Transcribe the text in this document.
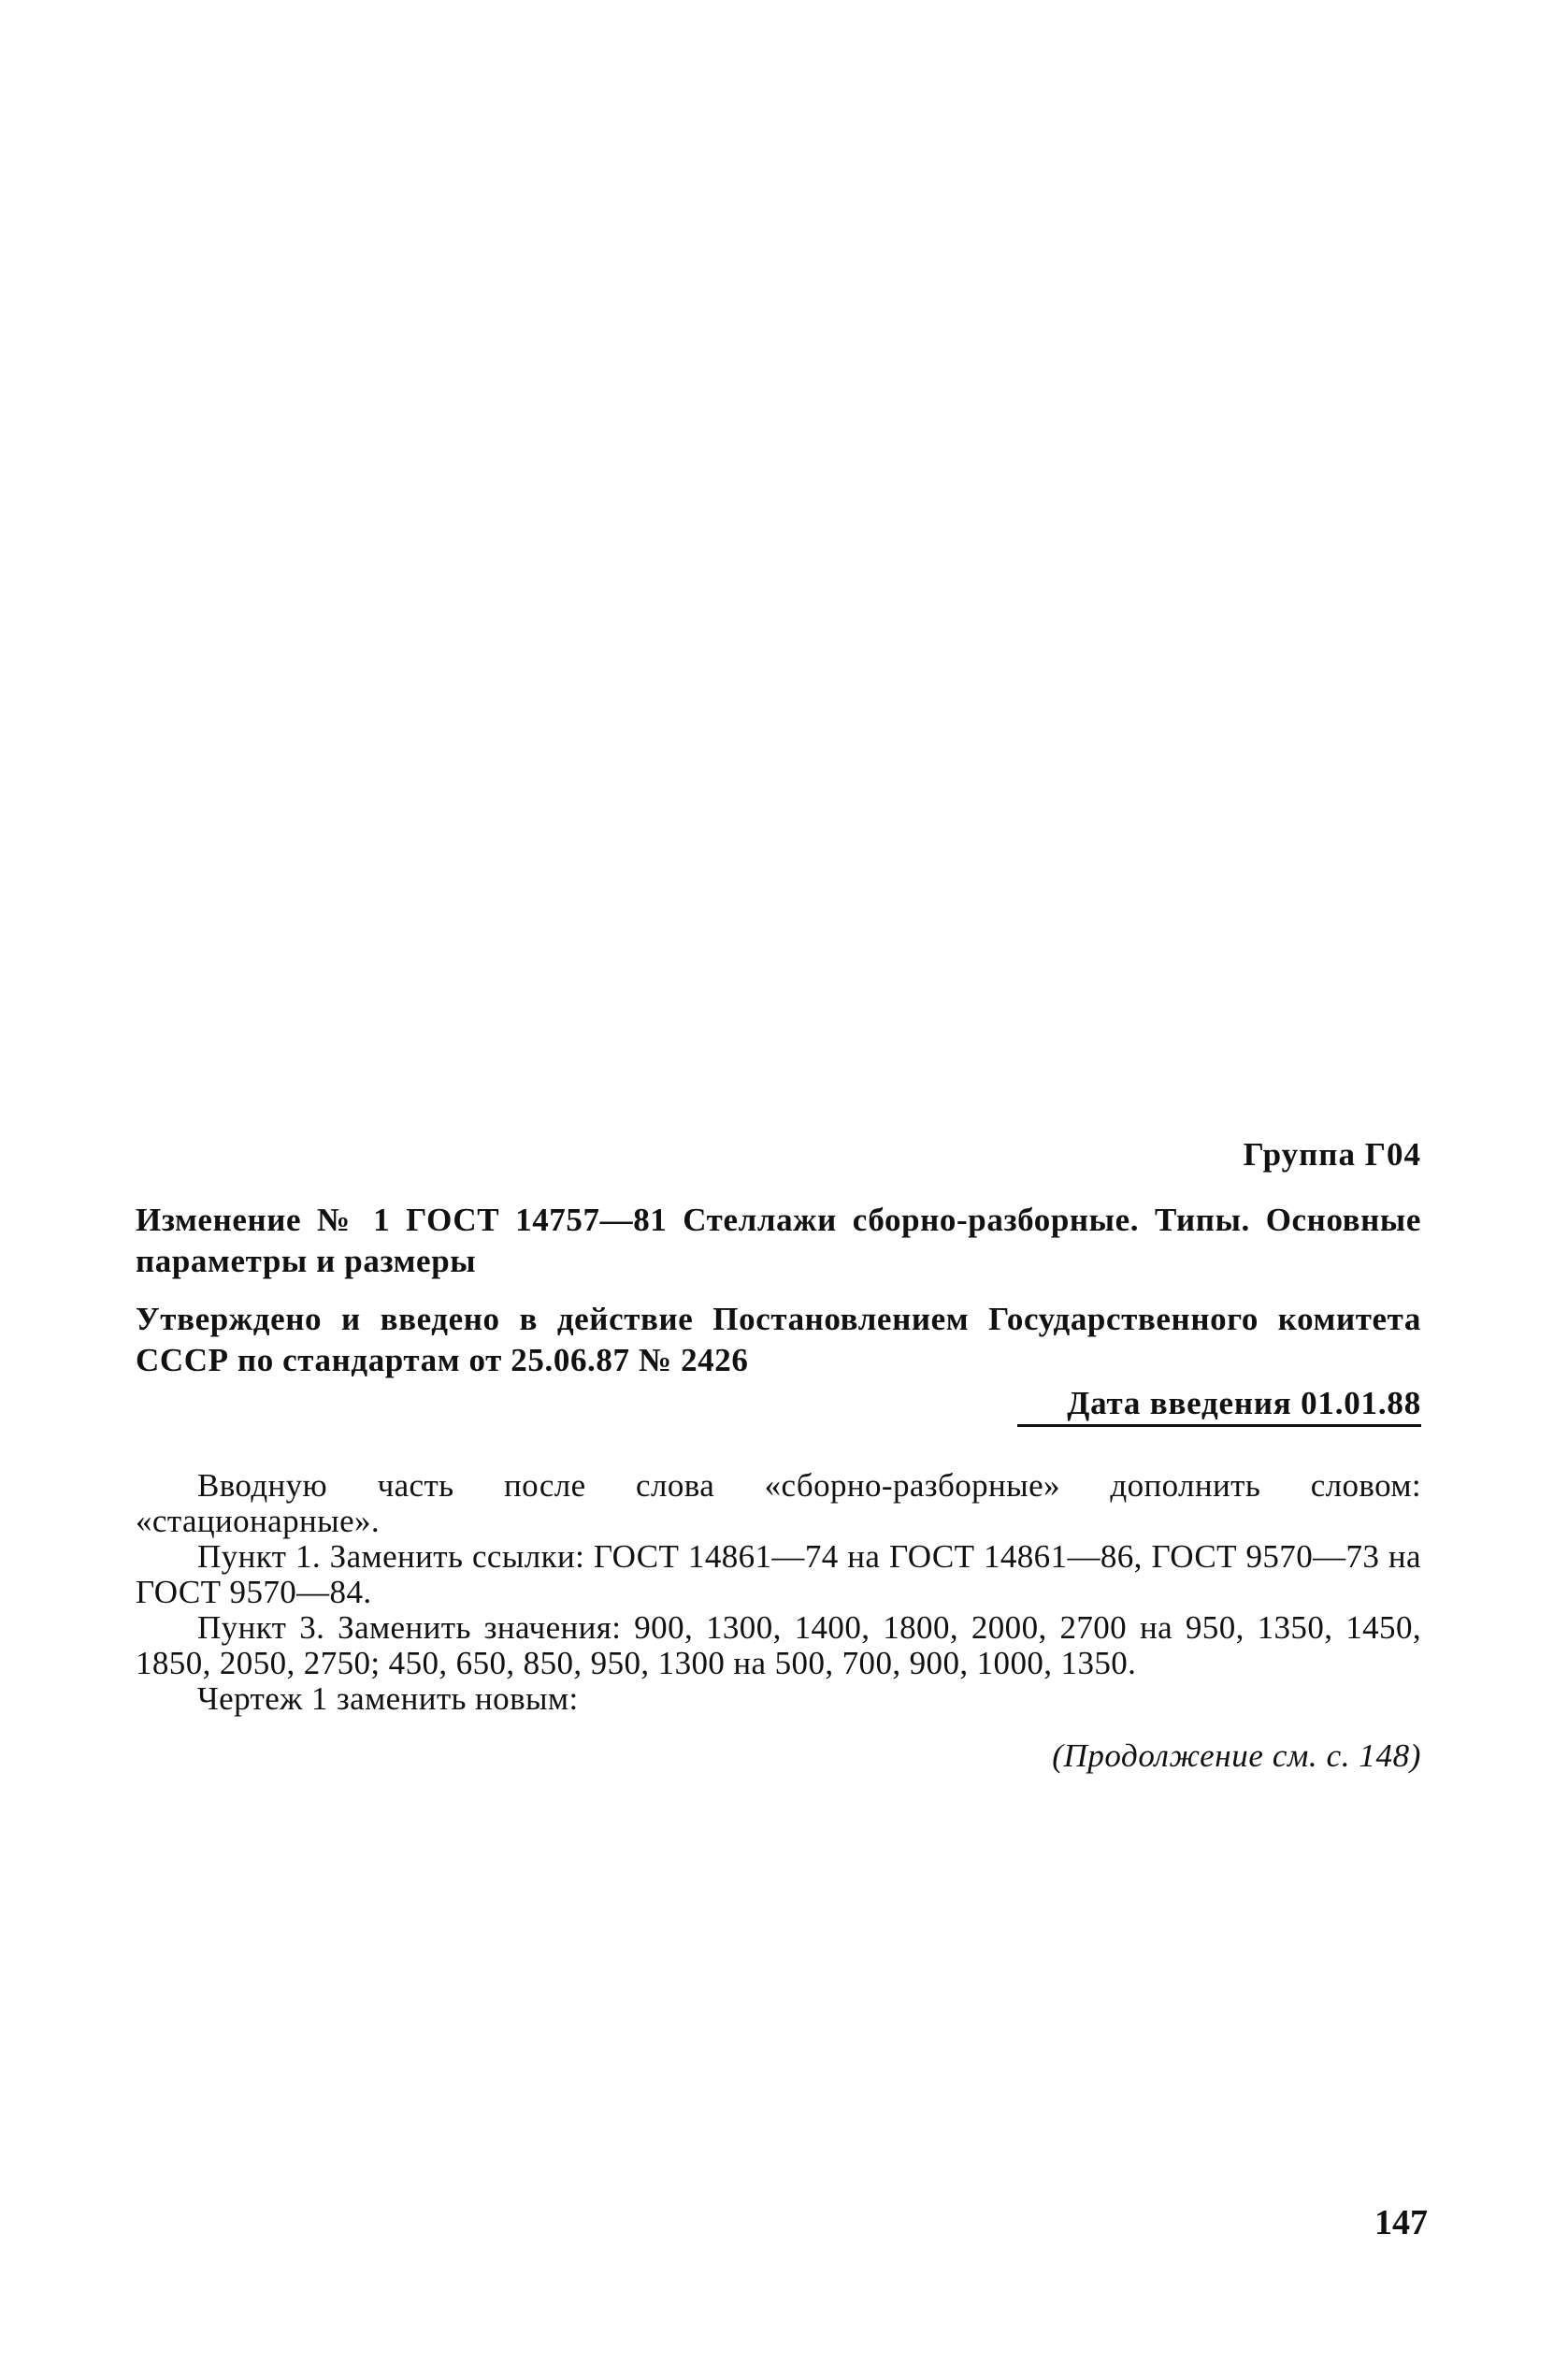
Группа Г04

Изменение № 1 ГОСТ 14757—81 Стеллажи сборно-разборные. Типы. Основные параметры и размеры

Утверждено и введено в действие Постановлением Государственного комитета СССР по стандартам от 25.06.87 № 2426

Дата введения 01.01.88

Вводную часть после слова «сборно-разборные» дополнить словом: «стационарные».

Пункт 1. Заменить ссылки: ГОСТ 14861—74 на ГОСТ 14861—86, ГОСТ 9570—73 на ГОСТ 9570—84.

Пункт 3. Заменить значения: 900, 1300, 1400, 1800, 2000, 2700 на 950, 1350, 1450, 1850, 2050, 2750; 450, 650, 850, 950, 1300 на 500, 700, 900, 1000, 1350.

Чертеж 1 заменить новым:

(Продолжение см. с. 148)

147
